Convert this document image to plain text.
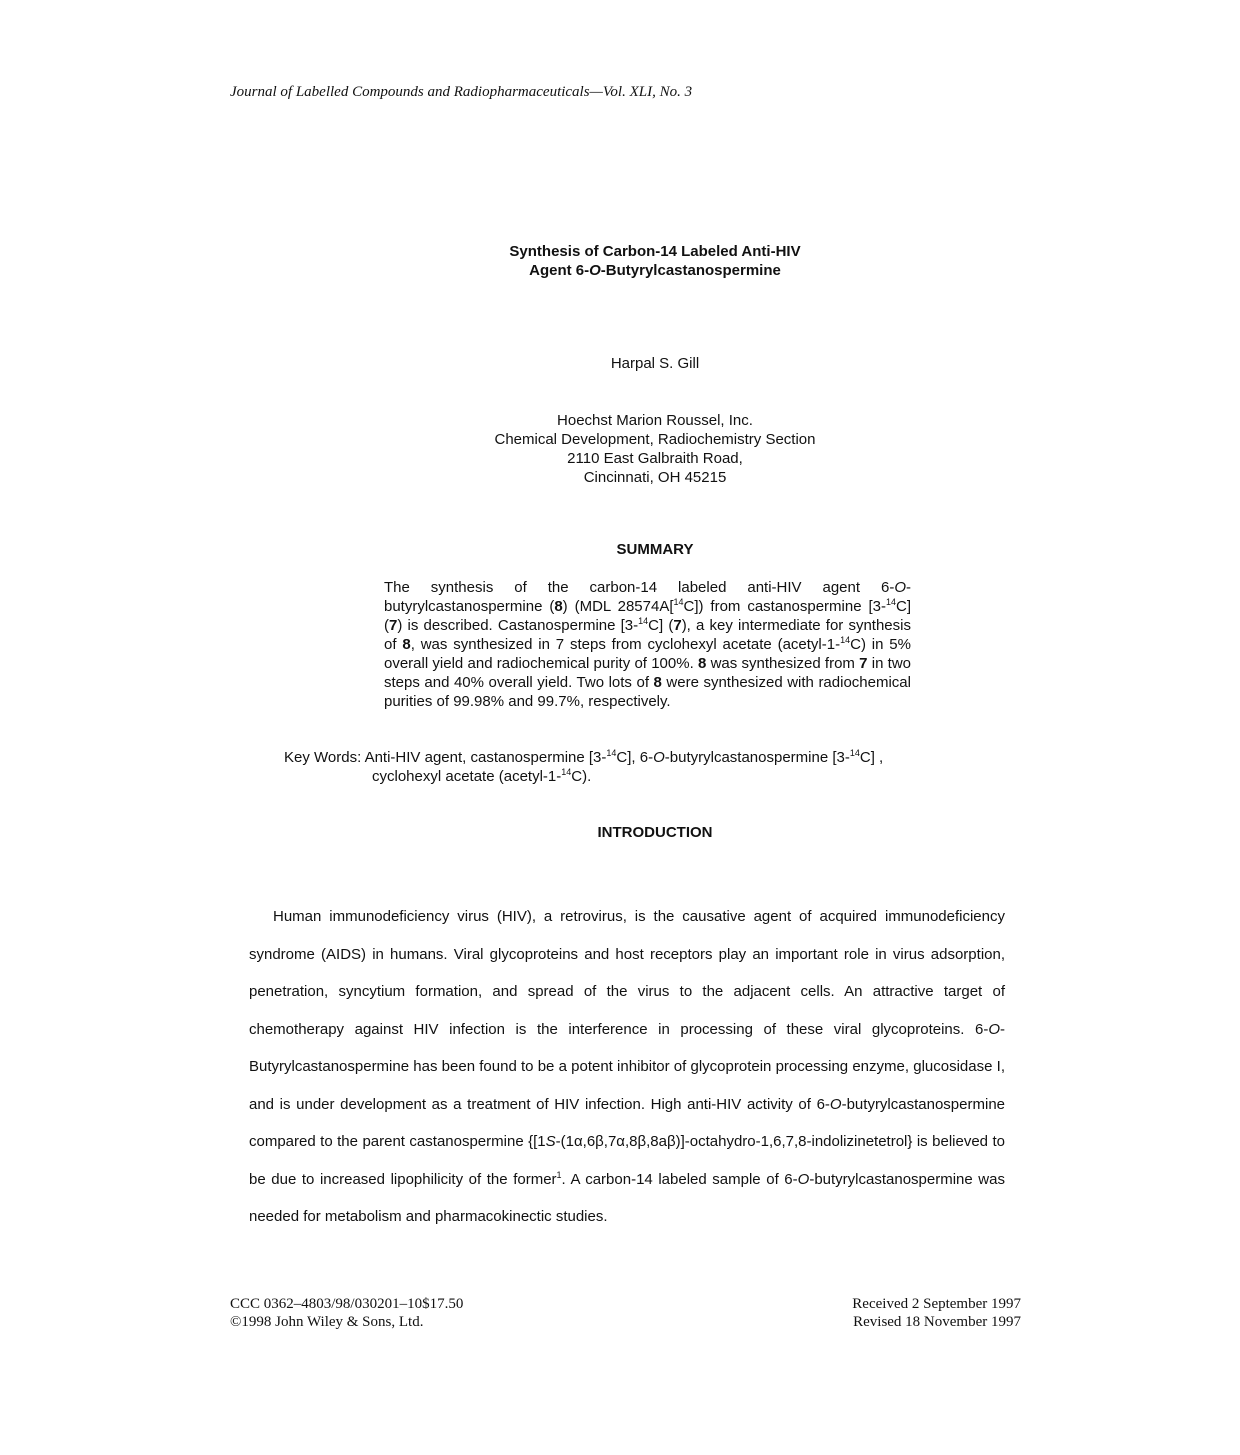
Journal of Labelled Compounds and Radiopharmaceuticals—Vol. XLI, No. 3
Synthesis of Carbon-14 Labeled Anti-HIV
Agent 6-O-Butyrylcastanospermine
Harpal S. Gill
Hoechst Marion Roussel, Inc.
Chemical Development, Radiochemistry Section
2110 East Galbraith Road,
Cincinnati, OH 45215
SUMMARY
The synthesis of the carbon-14 labeled anti-HIV agent 6-O-butyrylcastanospermine (8) (MDL 28574A[$^{14}$C]) from castanospermine [3-$^{14}$C] (7) is described. Castanospermine [3-$^{14}$C] (7), a key intermediate for synthesis of 8, was synthesized in 7 steps from cyclohexyl acetate (acetyl-1-$^{14}$C) in 5% overall yield and radiochemical purity of 100%. 8 was synthesized from 7 in two steps and 40% overall yield. Two lots of 8 were synthesized with radiochemical purities of 99.98% and 99.7%, respectively.
Key Words: Anti-HIV agent, castanospermine [3-$^{14}$C], 6-O-butyrylcastanospermine [3-$^{14}$C] ,
cyclohexyl acetate (acetyl-1-$^{14}$C).
INTRODUCTION
Human immunodeficiency virus (HIV), a retrovirus, is the causative agent of acquired immunodeficiency syndrome (AIDS) in humans. Viral glycoproteins and host receptors play an important role in virus adsorption, penetration, syncytium formation, and spread of the virus to the adjacent cells. An attractive target of chemotherapy against HIV infection is the interference in processing of these viral glycoproteins. 6-O-Butyrylcastanospermine has been found to be a potent inhibitor of glycoprotein processing enzyme, glucosidase I, and is under development as a treatment of HIV infection. High anti-HIV activity of 6-O-butyrylcastanospermine compared to the parent castanospermine {[1S-(1α,6β,7α,8β,8aβ)]-octahydro-1,6,7,8-indolizinetetrol} is believed to be due to increased lipophilicity of the former$^1$. A carbon-14 labeled sample of 6-O-butyrylcastanospermine was needed for metabolism and pharmacokinectic studies.
CCC 0362–4803/98/030201–10$17.50
©1998 John Wiley & Sons, Ltd.
Received 2 September 1997
Revised 18 November 1997
